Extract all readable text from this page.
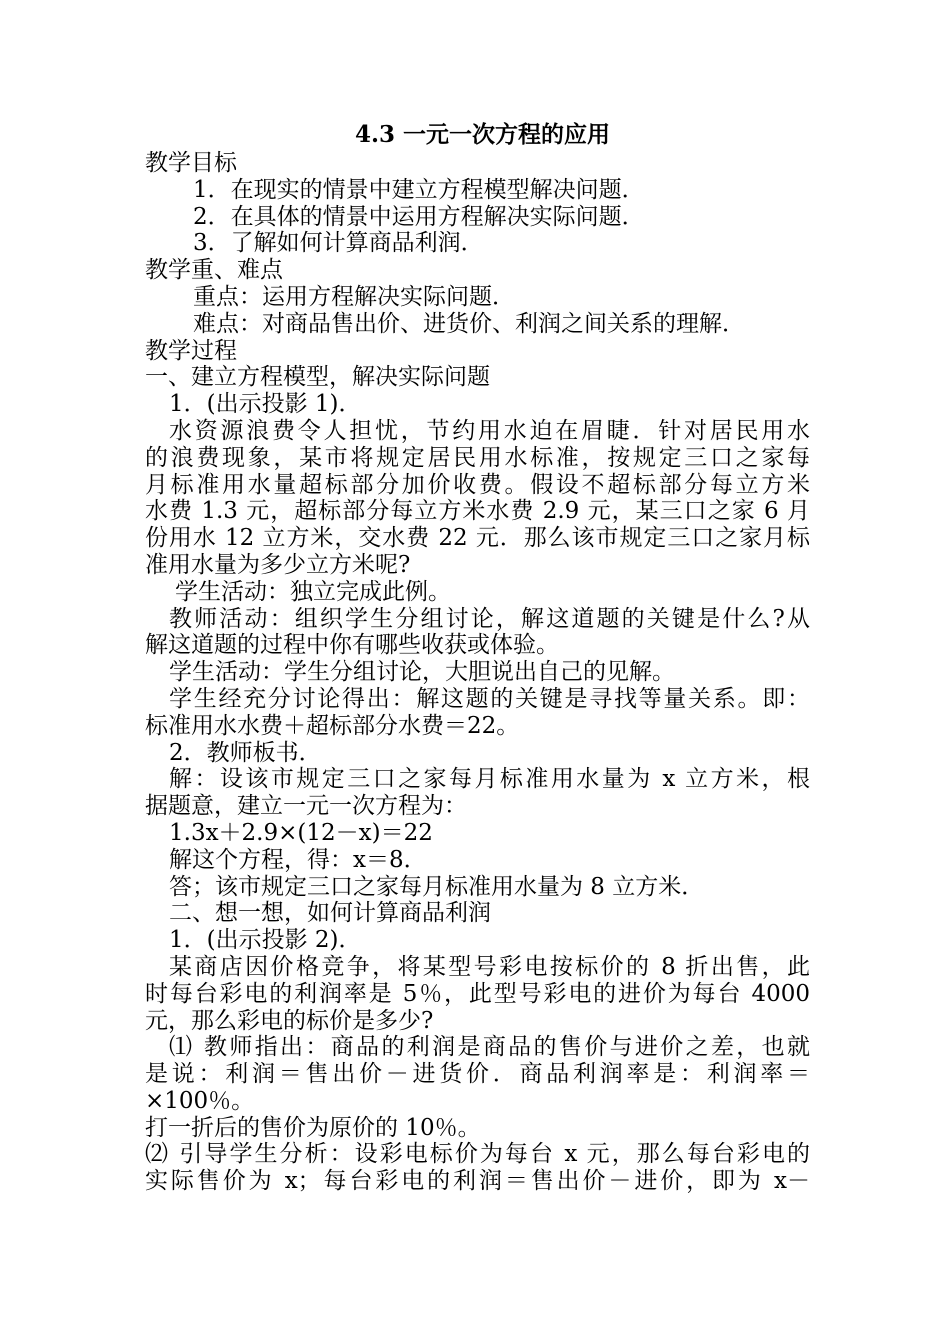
4.3 一元一次方程的应用
教学目标
1．在现实的情景中建立方程模型解决问题．
2．在具体的情景中运用方程解决实际问题．
3．了解如何计算商品利润．
教学重、难点
重点：运用方程解决实际问题．
难点：对商品售出价、进货价、利润之间关系的理解．
教学过程
一、建立方程模型，解决实际问题
1．(出示投影 1)．
水资源浪费令人担忧，节约用水迫在眉睫．针对居民用水
的浪费现象，某市将规定居民用水标准，按规定三口之家每
月标准用水量超标部分加价收费。假设不超标部分每立方米
水费 1.3 元，超标部分每立方米水费 2.9 元，某三口之家 6 月
份用水 12 立方米，交水费 22 元．那么该市规定三口之家月标
准用水量为多少立方米呢?
学生活动：独立完成此例。
教师活动：组织学生分组讨论，解这道题的关键是什么?从
解这道题的过程中你有哪些收获或体验。
学生活动：学生分组讨论，大胆说出自己的见解。
学生经充分讨论得出：解这题的关键是寻找等量关系。即：
标准用水水费＋超标部分水费＝22。
2．教师板书．
解：设该市规定三口之家每月标准用水量为 x 立方米，根
据题意，建立一元一次方程为：
1.3x＋2.9×(12－x)＝22
解这个方程，得：x＝8．
答；该市规定三口之家每月标准用水量为 8 立方米．
二、想一想，如何计算商品利润
1．(出示投影 2)．
某商店因价格竞争，将某型号彩电按标价的 8 折出售，此
时每台彩电的利润率是 5％，此型号彩电的进价为每台 4000
元，那么彩电的标价是多少?
⑴ 教师指出：商品的利润是商品的售价与进价之差，也就
是说：利润＝售出价－进货价．商品利润率是：利润率＝
×100％。
打一折后的售价为原价的 10％。
⑵ 引导学生分析：设彩电标价为每台 x 元，那么每台彩电的
实际售价为 x；每台彩电的利润＝售出价－进价，即为 x－
